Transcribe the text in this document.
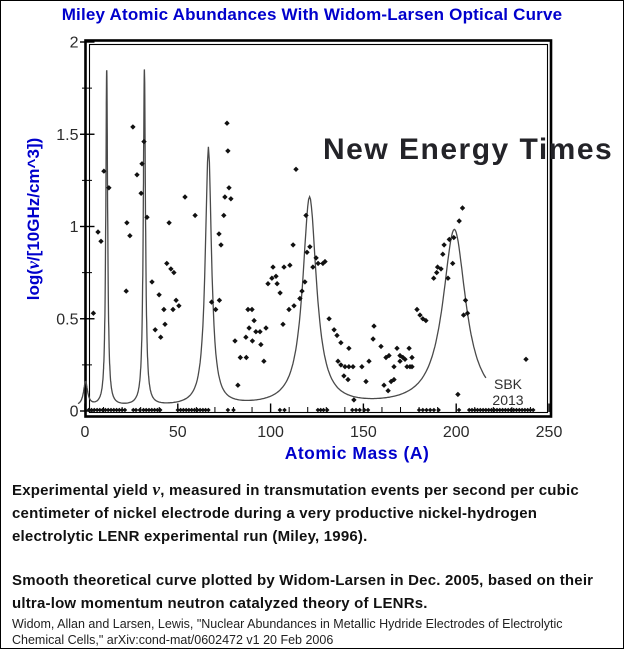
Miley Atomic Abundances With Widom-Larsen Optical Curve
0	50	100	150	200	250
0
0.5
1
1.5
2
New Energy Times
SBK
2013
Atomic Mass (A)
log(ν/[10GHz/cm^3])

Experimental yield ν, measured in transmutation events per second per cubic centimeter of nickel electrode during a very productive nickel-hydrogen electrolytic LENR experimental run (Miley, 1996).

Smooth theoretical curve plotted by Widom-Larsen in Dec. 2005, based on their ultra-low momentum neutron catalyzed theory of LENRs.

Widom, Allan and Larsen, Lewis, "Nuclear Abundances in Metallic Hydride Electrodes of Electrolytic Chemical Cells," arXiv:cond-mat/0602472 v1 20 Feb 2006
